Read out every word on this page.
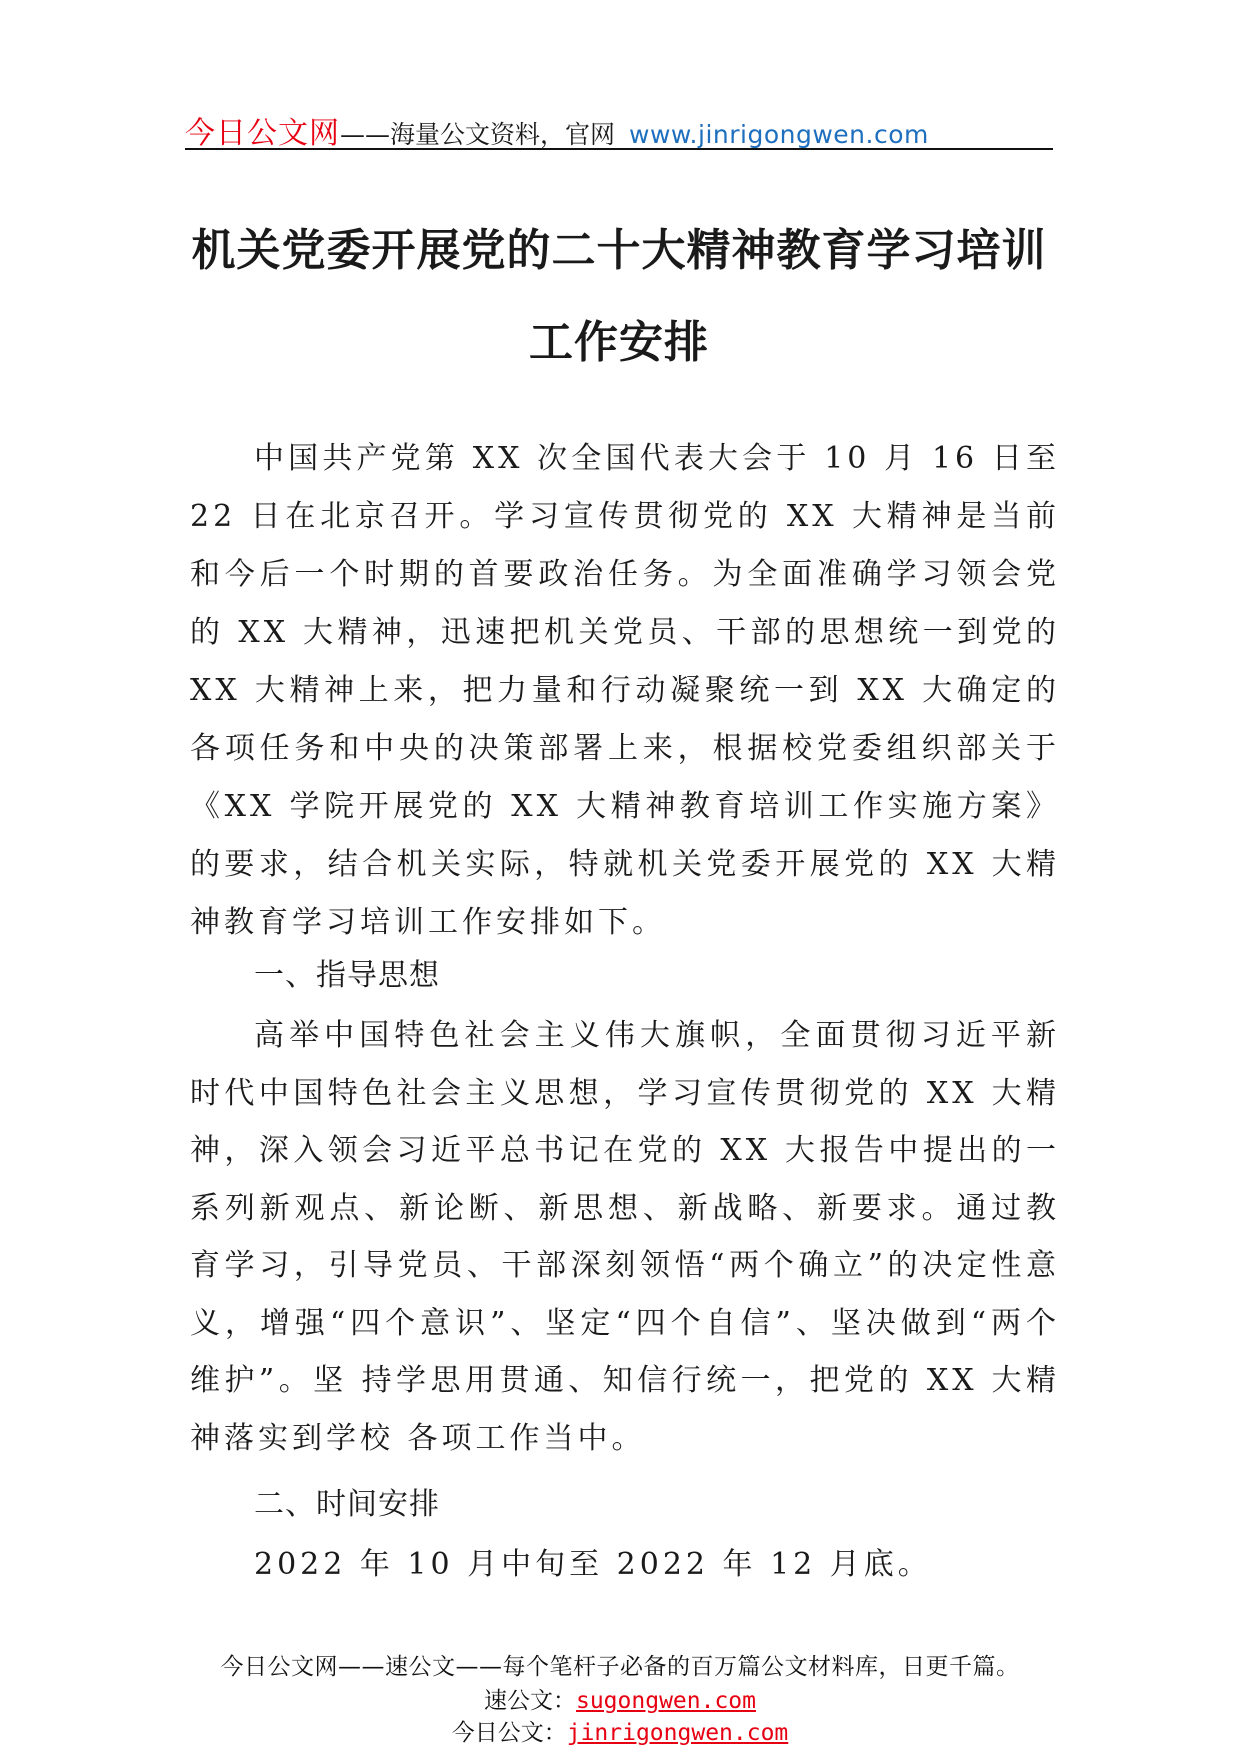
今日公文网——海量公文资料，官网 www.jinrigongwen.com
机关党委开展党的二十大精神教育学习培训工作安排
中国共产党第 XX 次全国代表大会于 10 月 16 日至 22 日在北京召开。学习宣传贯彻党的 XX 大精神是当前和今后一个时期的首要政治任务。为全面准确学习领会党的 XX 大精神，迅速把机关党员、干部的思想统一到党的 XX 大精神上来，把力量和行动凝聚统一到 XX 大确定的各项任务和中央的决策部署上来，根据校党委组织部关于《XX 学院开展党的 XX 大精神教育培训工作实施方案》的要求，结合机关实际，特就机关党委开展党的 XX 大精神教育学习培训工作安排如下。
一、指导思想
高举中国特色社会主义伟大旗帜，全面贯彻习近平新时代中国特色社会主义思想，学习宣传贯彻党的 XX 大精神，深入领会习近平总书记在党的 XX 大报告中提出的一系列新观点、新论断、新思想、新战略、新要求。通过教育学习，引导党员、干部深刻领悟“两个确立”的决定性意义，增强“四个意识”、坚定“四个自信”、坚决做到“两个维护”。坚 持学思用贯通、知信行统一，把党的 XX 大精神落实到学校 各项工作当中。
二、时间安排
2022 年 10 月中旬至 2022 年 12 月底。
今日公文网——速公文——每个笔杆子必备的百万篇公文材料库，日更千篇。
速公文：sugongwen.com
今日公文：jinrigongwen.com
